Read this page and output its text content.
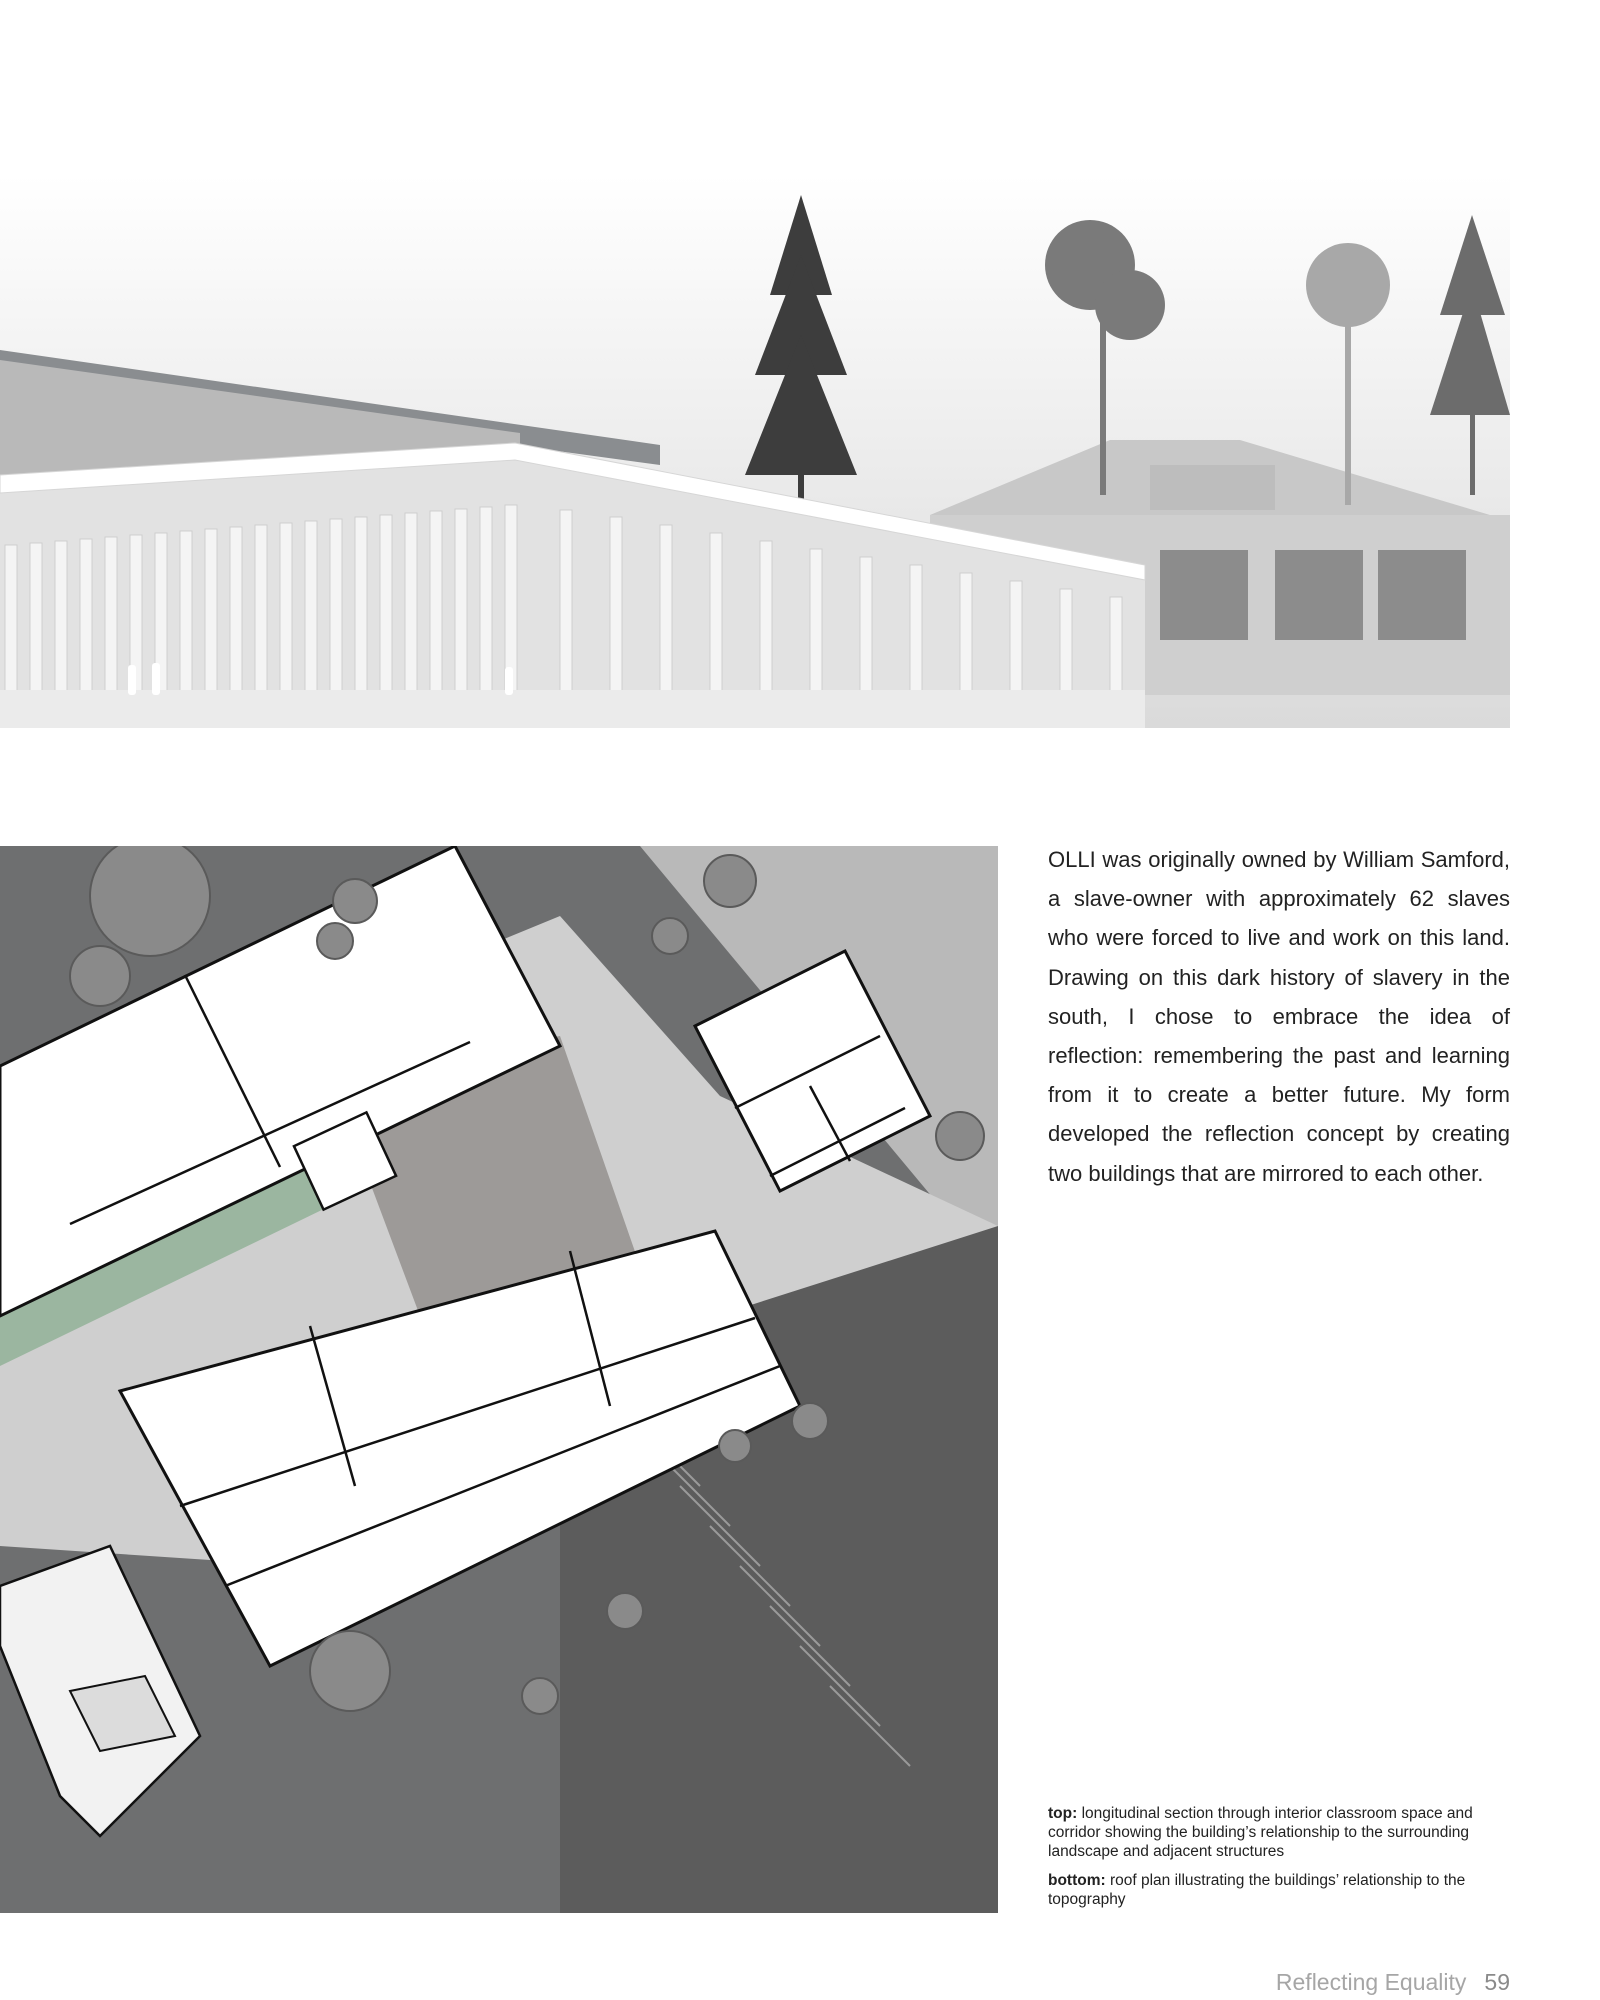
OLLI was originally owned by William Samford, a slave-owner with approximately 62 slaves who were forced to live and work on this land. Drawing on this dark history of slavery in the south, I chose to embrace the idea of reflection: remembering the past and learning from it to create a better future. My form developed the reflection concept by creating two buildings that are mirrored to each other.

top: longitudinal section through interior classroom space and corridor showing the building’s relationship to the surrounding landscape and adjacent structures

bottom: roof plan illustrating the buildings’ relationship to the topography

Reflecting Equality 59
